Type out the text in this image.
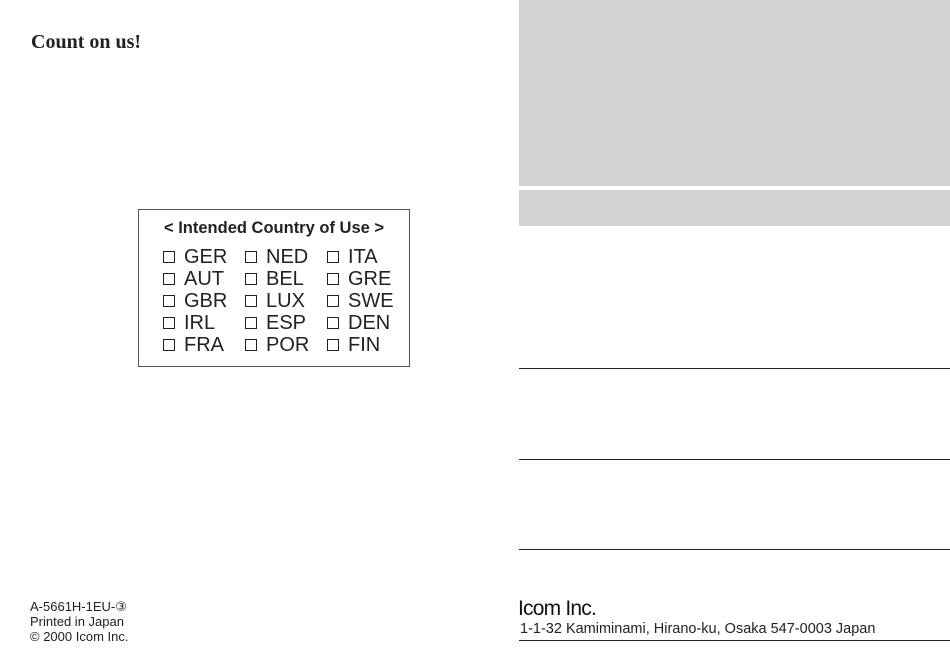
Count on us!
< Intended Country of Use >
GER NED ITA
AUT BEL GRE
GBR LUX SWE
IRL	ESP DEN
FRA POR FIN
A-5661H-1EU-③
Printed in Japan
© 2000 Icom Inc.
Icom Inc.
1-1-32 Kamiminami, Hirano-ku, Osaka 547-0003 Japan
